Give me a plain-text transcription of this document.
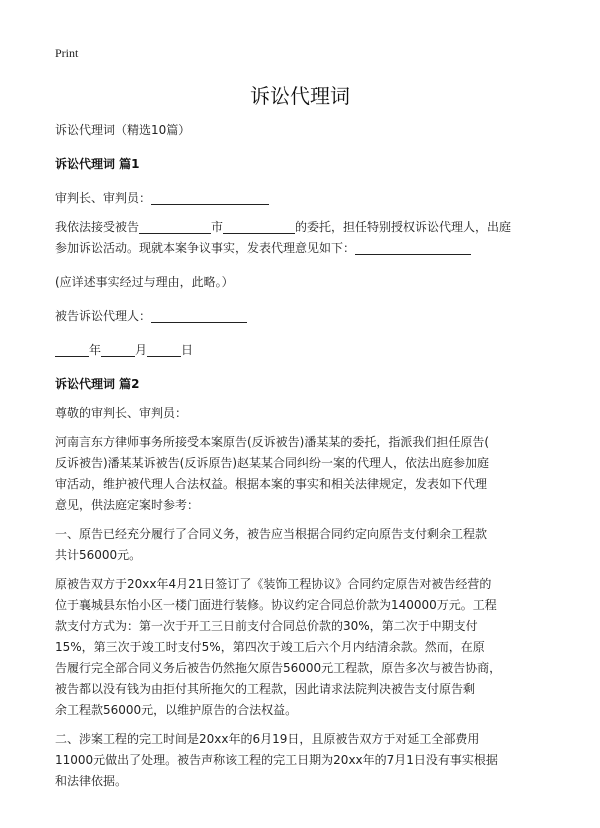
Print
诉讼代理词

诉讼代理词（精选10篇）

诉讼代理词 篇1

审判长、审判员：

我依法接受被告	市	的委托，担任特别授权诉讼代理人，出庭
参加诉讼活动。现就本案争议事实，发表代理意见如下：

(应详述事实经过与理由，此略。）

被告诉讼代理人：

年	月	日

诉讼代理词 篇2

尊敬的审判长、审判员：

河南言东方律师事务所接受本案原告(反诉被告)潘某某的委托，指派我们担任原告(

反诉被告)潘某某诉被告(反诉原告)赵某某合同纠纷一案的代理人，依法出庭参加庭

审活动，维护被代理人合法权益。根据本案的事实和相关法律规定，发表如下代理

意见，供法庭定案时参考：

一、原告已经充分履行了合同义务，被告应当根据合同约定向原告支付剩余工程款

共计56000元。

原被告双方于20xx年4月21日签订了《装饰工程协议》合同约定原告对被告经营的

位于襄城县东怡小区一楼门面进行装修。协议约定合同总价款为140000万元。工程

款支付方式为：第一次于开工三日前支付合同总价款的30%，第二次于中期支付

15%，第三次于竣工时支付5%，第四次于竣工后六个月内结清余款。然而，在原

告履行完全部合同义务后被告仍然拖欠原告56000元工程款，原告多次与被告协商，

被告都以没有钱为由拒付其所拖欠的工程款，因此请求法院判决被告支付原告剩

余工程款56000元，以维护原告的合法权益。

二、涉案工程的完工时间是20xx年的6月19日，且原被告双方于对延工全部费用

11000元做出了处理。被告声称该工程的完工日期为20xx年的7月1日没有事实根据

和法律依据。
